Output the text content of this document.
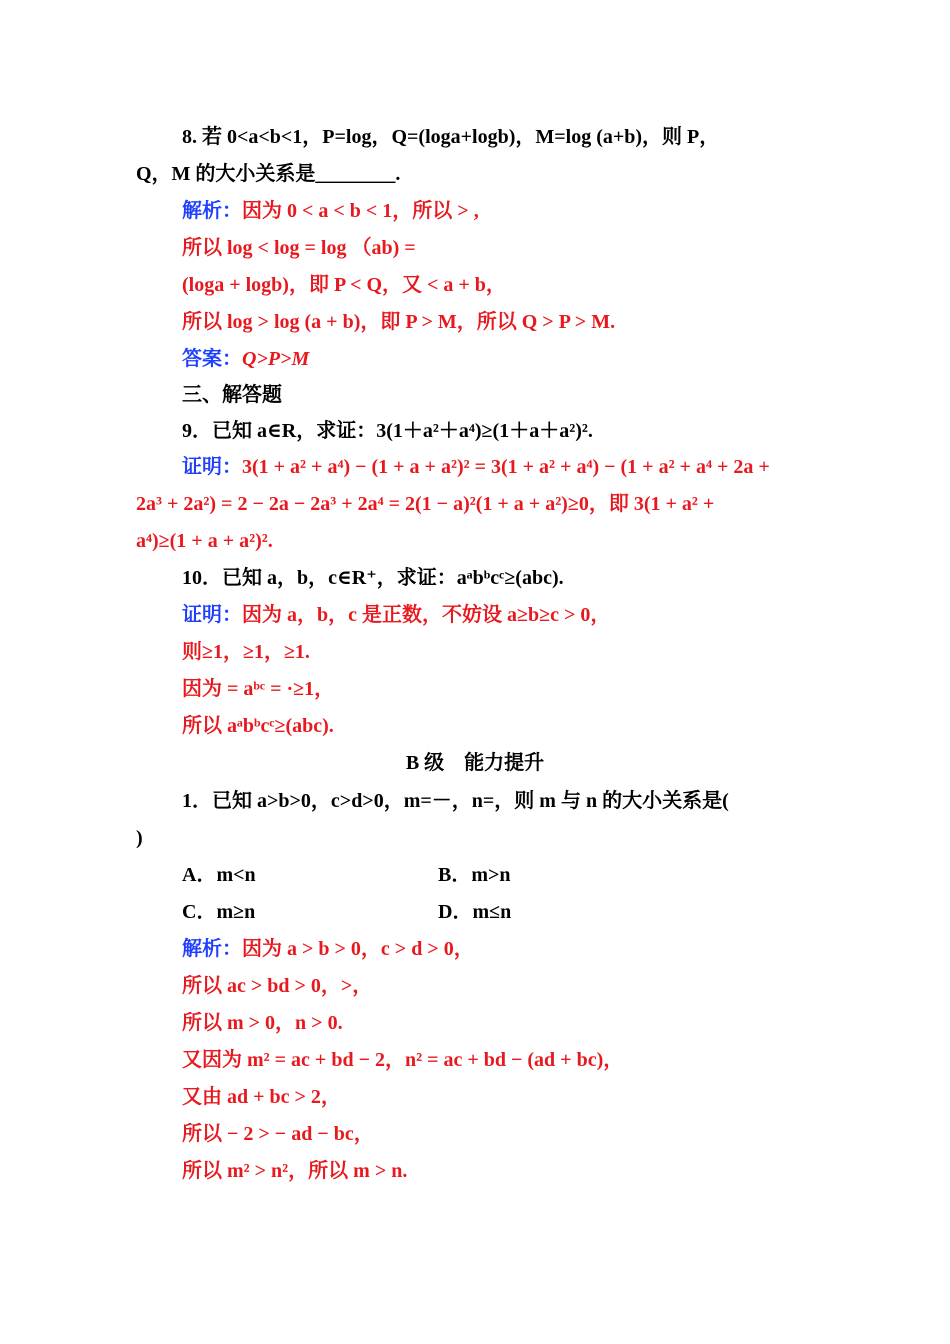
8. 若 0<a<b<1，P=log，Q=(loga+logb)，M=log (a+b)，则 P，
Q，M 的大小关系是________.
解析：因为 0 < a < b < 1，所以 > ,
所以 log < log = log （ab) =
(loga + logb)，即 P < Q，又 < a + b，
所以 log > log (a + b)，即 P > M，所以 Q > P > M.
答案：Q>P>M
三、解答题
9．已知 a∈R，求证：3(1＋a²＋a⁴)≥(1＋a＋a²)².
证明：3(1 + a² + a⁴) − (1 + a + a²)² = 3(1 + a² + a⁴) − (1 + a² + a⁴ + 2a +
2a³ + 2a²) = 2 − 2a − 2a³ + 2a⁴ = 2(1 − a)²(1 + a + a²)≥0，即 3(1 + a² +
a⁴)≥(1 + a + a²)².
10．已知 a，b，c∈R⁺，求证：aᵃbᵇcᶜ≥(abc).
证明：因为 a，b，c 是正数，不妨设 a≥b≥c > 0，
则≥1，≥1，≥1.
因为 = aᵇᶜ = ·≥1，
所以 aᵃbᵇcᶜ≥(abc).
B 级　能力提升
1．已知 a>b>0，c>d>0，m=－，n=，则 m 与 n 的大小关系是(
)
A．m<n	B．m>n
C．m≥n	D．m≤n
解析：因为 a > b > 0，c > d > 0，
所以 ac > bd > 0，>，
所以 m > 0，n > 0.
又因为 m² = ac + bd − 2，n² = ac + bd − (ad + bc)，
又由 ad + bc > 2，
所以 − 2 > − ad − bc，
所以 m² > n²，所以 m > n.
